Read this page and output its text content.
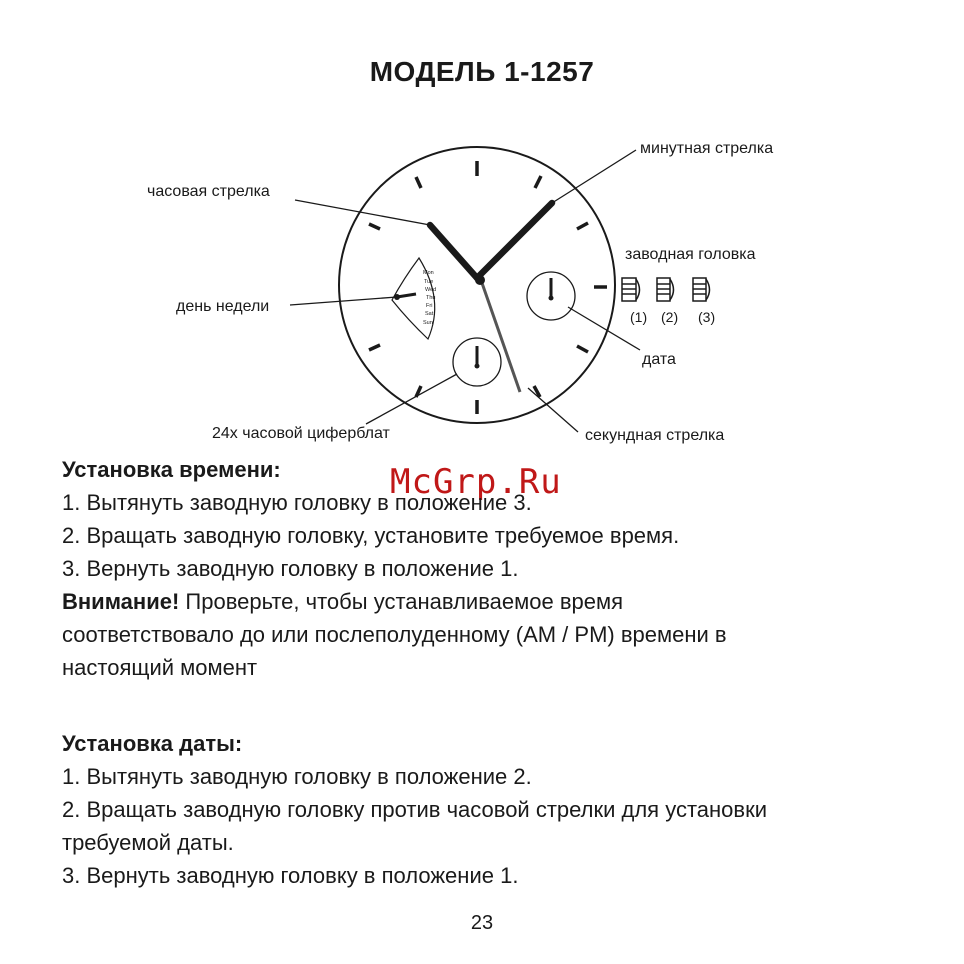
МОДЕЛЬ 1-1257
Mon
Tue
Wed
Thu
Fri
Sat
Sun	(1) (2) (3)
минутная стрелка
часовая стрелка
заводная головка
день недели
дата
24х часовой циферблат	секундная стрелка
McGrp.Ru
Установка времени:
1. Вытянуть заводную головку в положение 3.
2. Вращать заводную головку, установите требуемое время.
3. Вернуть заводную головку в положение 1.
Внимание! Проверьте, чтобы устанавливаемое время
соответствовало до или послеполуденному (AM / PM) времени в
настоящий момент
Установка даты:
1. Вытянуть заводную головку в положение 2.
2. Вращать заводную головку против часовой стрелки для установки
требуемой даты.
3. Вернуть заводную головку в положение 1.
23
